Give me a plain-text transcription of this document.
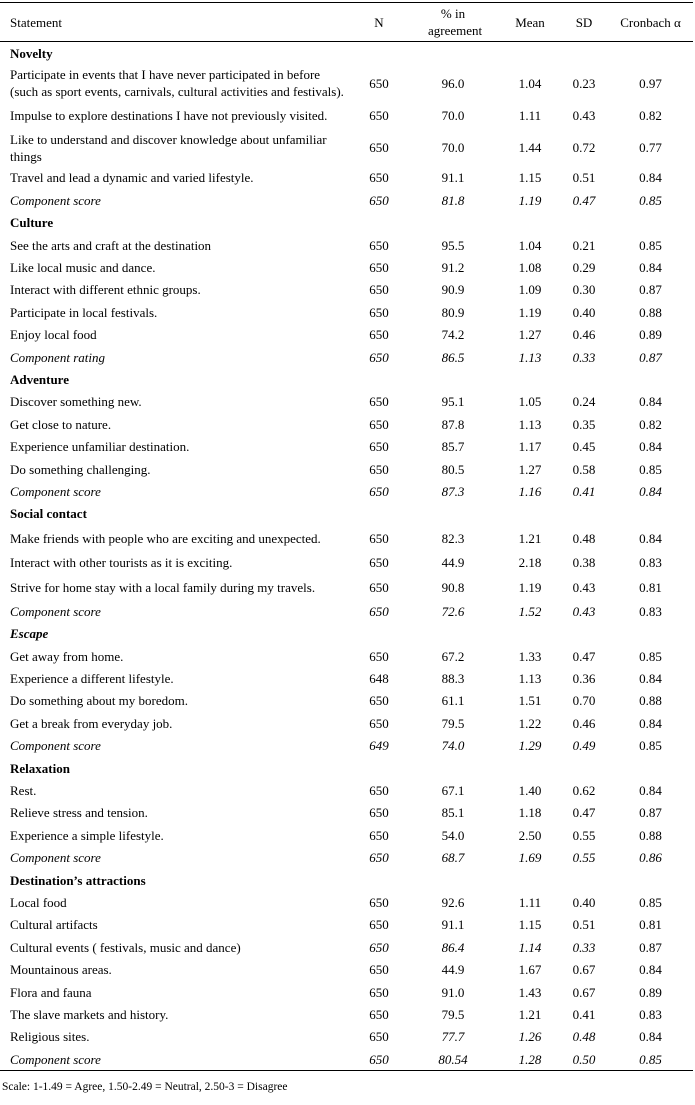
Statement	N	% in agreement	Mean	SD	Cronbach α
Novelty					
Participate in events that I have never participated in before (such as sport events, carnivals, cultural activities and festivals).	650	96.0	1.04	0.23	0.97
Impulse to explore destinations I have not previously visited.	650	70.0	1.11	0.43	0.82
Like to understand and discover knowledge about unfamiliar things	650	70.0	1.44	0.72	0.77
Travel and lead a dynamic and varied lifestyle.	650	91.1	1.15	0.51	0.84
Component score	650	81.8	1.19	0.47	0.85
Culture					
See the arts and craft at the destination	650	95.5	1.04	0.21	0.85
Like local music and dance.	650	91.2	1.08	0.29	0.84
Interact with different ethnic groups.	650	90.9	1.09	0.30	0.87
Participate in local festivals.	650	80.9	1.19	0.40	0.88
Enjoy local food	650	74.2	1.27	0.46	0.89
Component rating	650	86.5	1.13	0.33	0.87
Adventure					
Discover something new.	650	95.1	1.05	0.24	0.84
Get close to nature.	650	87.8	1.13	0.35	0.82
Experience unfamiliar destination.	650	85.7	1.17	0.45	0.84
Do something challenging.	650	80.5	1.27	0.58	0.85
Component score	650	87.3	1.16	0.41	0.84
Social contact					
Make friends with people who are exciting and unexpected.	650	82.3	1.21	0.48	0.84
Interact with other tourists as it is exciting.	650	44.9	2.18	0.38	0.83
Strive for home stay with a local family during my travels.	650	90.8	1.19	0.43	0.81
Component score	650	72.6	1.52	0.43	0.83
Escape					
Get away from home.	650	67.2	1.33	0.47	0.85
Experience a different lifestyle.	648	88.3	1.13	0.36	0.84
Do something about my boredom.	650	61.1	1.51	0.70	0.88
Get a break from everyday job.	650	79.5	1.22	0.46	0.84
Component score	649	74.0	1.29	0.49	0.85
Relaxation					
Rest.	650	67.1	1.40	0.62	0.84
Relieve stress and tension.	650	85.1	1.18	0.47	0.87
Experience a simple lifestyle.	650	54.0	2.50	0.55	0.88
Component score	650	68.7	1.69	0.55	0.86
Destination’s attractions					
Local food	650	92.6	1.11	0.40	0.85
Cultural artifacts	650	91.1	1.15	0.51	0.81
Cultural events ( festivals, music and dance)	650	86.4	1.14	0.33	0.87
Mountainous areas.	650	44.9	1.67	0.67	0.84
Flora and fauna	650	91.0	1.43	0.67	0.89
The slave markets and history.	650	79.5	1.21	0.41	0.83
Religious sites.	650	77.7	1.26	0.48	0.84
Component score	650	80.54	1.28	0.50	0.85
Scale: 1-1.49 = Agree, 1.50-2.49 = Neutral, 2.50-3 = Disagree
